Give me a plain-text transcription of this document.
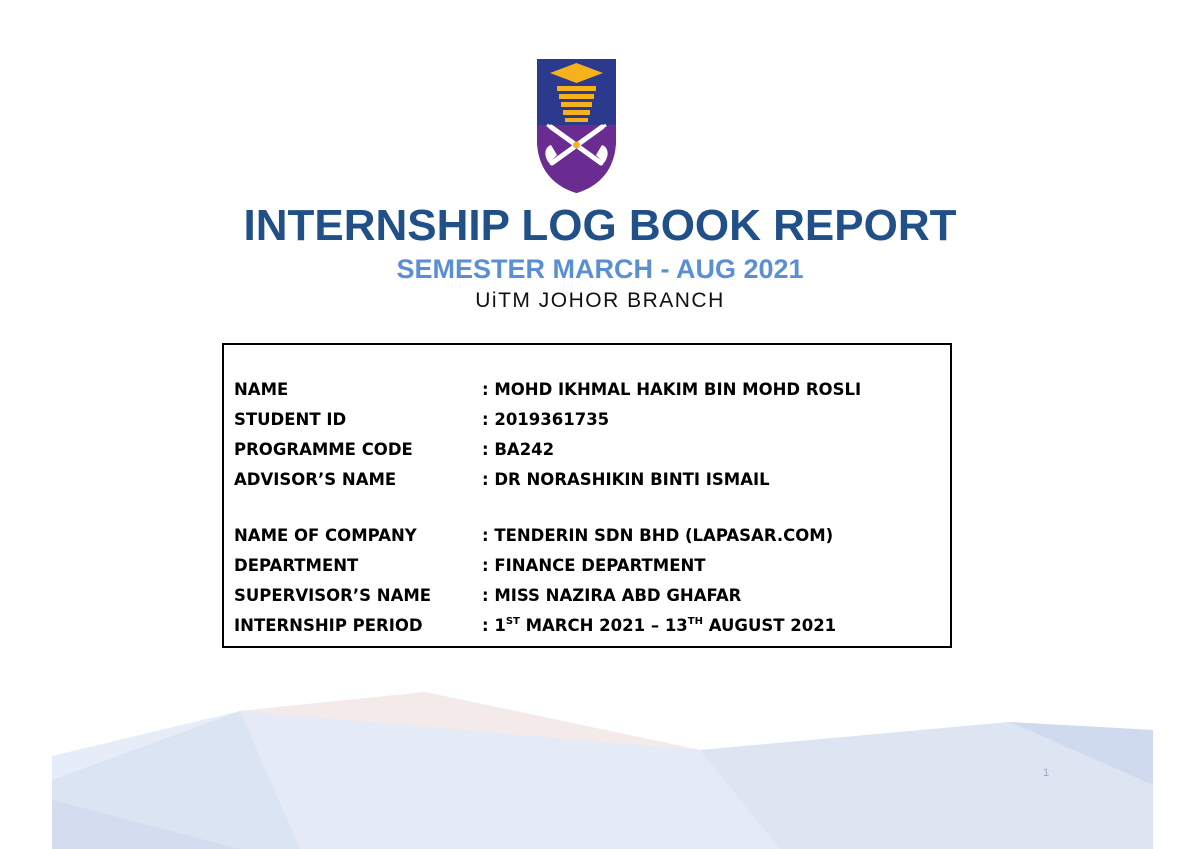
INTERNSHIP LOG BOOK REPORT
SEMESTER MARCH - AUG 2021
UiTM JOHOR BRANCH
NAME	: MOHD IKHMAL HAKIM BIN MOHD ROSLI
STUDENT ID	: 2019361735
PROGRAMME CODE	: BA242
ADVISOR’S NAME	: DR NORASHIKIN BINTI ISMAIL
NAME OF COMPANY	: TENDERIN SDN BHD (LAPASAR.COM)
DEPARTMENT	: FINANCE DEPARTMENT
SUPERVISOR’S NAME	: MISS NAZIRA ABD GHAFAR
INTERNSHIP PERIOD	: 1ST MARCH 2021 – 13TH AUGUST 2021
1
